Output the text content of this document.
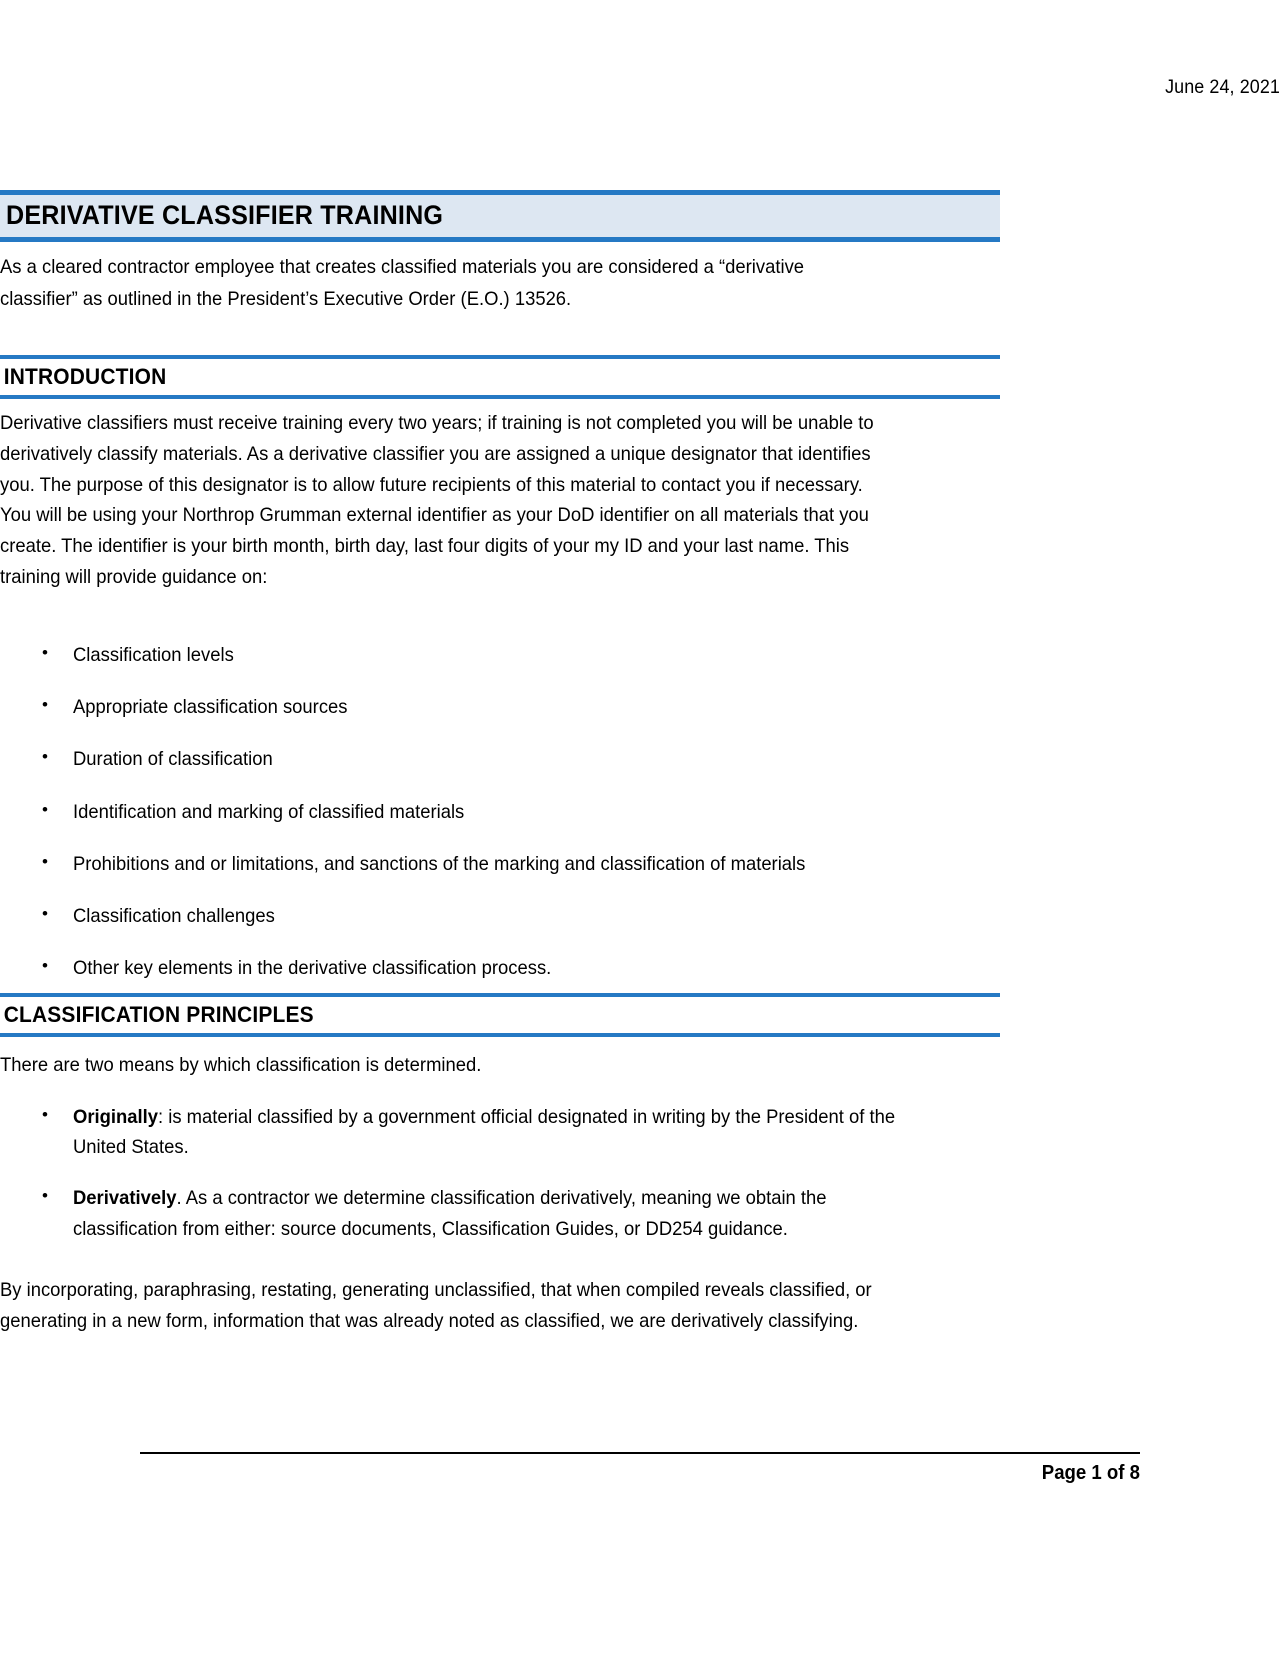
June 24, 2021
DERIVATIVE CLASSIFIER TRAINING
As a cleared contractor employee that creates classified materials you are considered a “derivative classifier” as outlined in the President’s Executive Order (E.O.) 13526.
INTRODUCTION
Derivative classifiers must receive training every two years; if training is not completed you will be unable to derivatively classify materials. As a derivative classifier you are assigned a unique designator that identifies you. The purpose of this designator is to allow future recipients of this material to contact you if necessary. You will be using your Northrop Grumman external identifier as your DoD identifier on all materials that you create. The identifier is your birth month, birth day, last four digits of your my ID and your last name. This training will provide guidance on:
• Classification levels
• Appropriate classification sources
• Duration of classification
• Identification and marking of classified materials
• Prohibitions and or limitations, and sanctions of the marking and classification of materials
• Classification challenges
• Other key elements in the derivative classification process.
CLASSIFICATION PRINCIPLES
There are two means by which classification is determined.
• Originally: is material classified by a government official designated in writing by the President of the United States.
• Derivatively. As a contractor we determine classification derivatively, meaning we obtain the classification from either: source documents, Classification Guides, or DD254 guidance.
By incorporating, paraphrasing, restating, generating unclassified, that when compiled reveals classified, or generating in a new form, information that was already noted as classified, we are derivatively classifying.
Page 1 of 8
